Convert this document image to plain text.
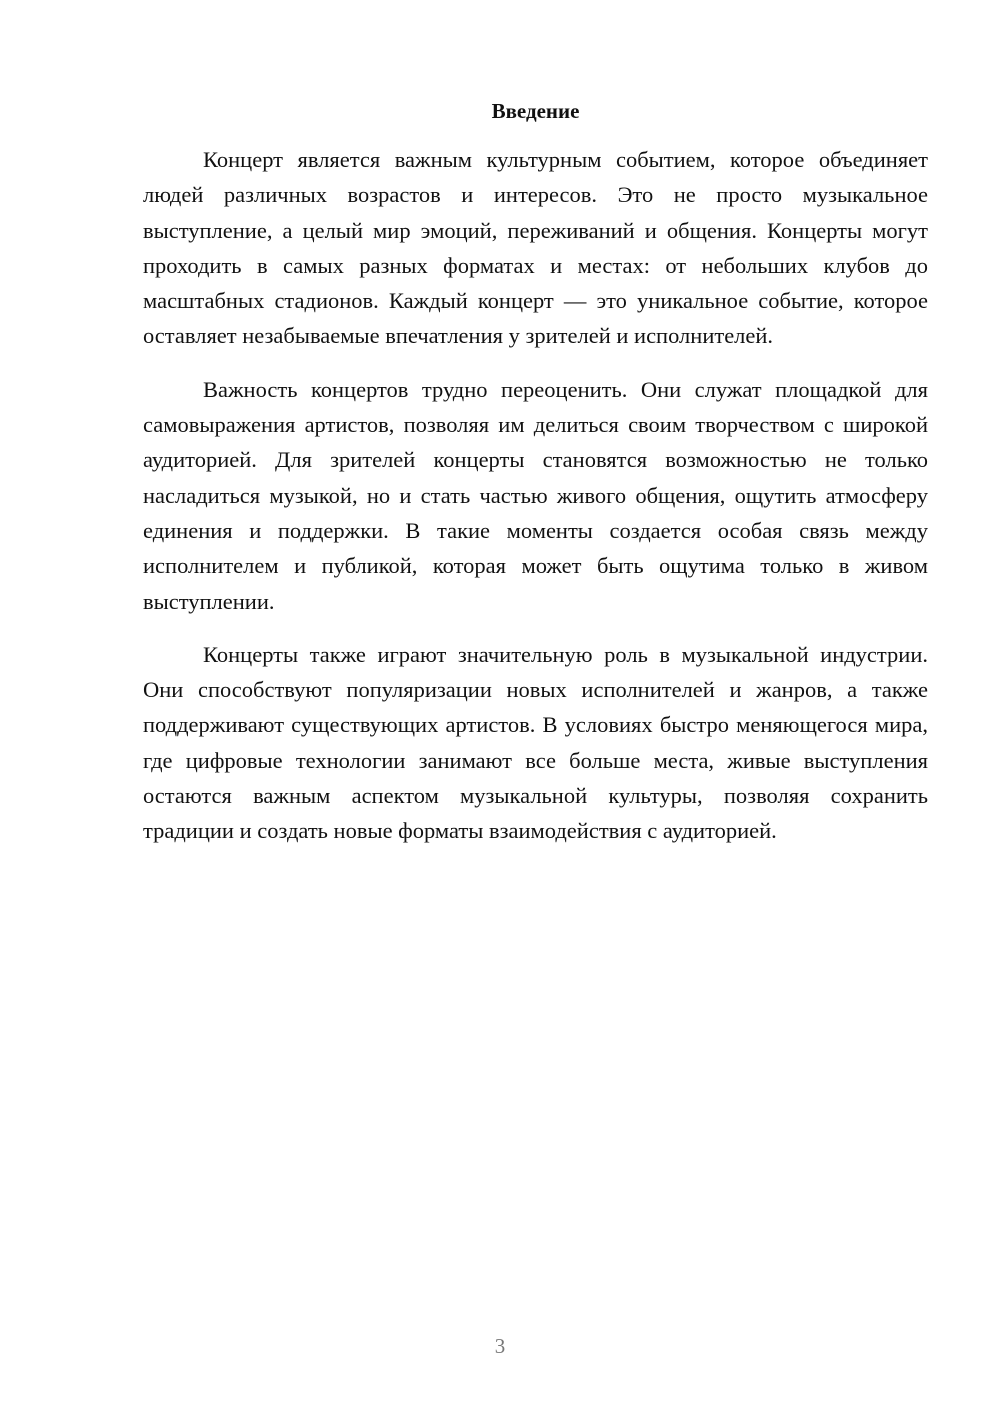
Введение

Концерт является важным культурным событием, которое объединяет людей различных возрастов и интересов. Это не просто музыкальное выступление, а целый мир эмоций, переживаний и общения. Концерты могут проходить в самых разных форматах и местах: от небольших клубов до масштабных стадионов. Каждый концерт — это уникальное событие, которое оставляет незабываемые впечатления у зрителей и исполнителей.

Важность концертов трудно переоценить. Они служат площадкой для самовыражения артистов, позволяя им делиться своим творчеством с широкой аудиторией. Для зрителей концерты становятся возможностью не только насладиться музыкой, но и стать частью живого общения, ощутить атмосферу единения и поддержки. В такие моменты создается особая связь между исполнителем и публикой, которая может быть ощутима только в живом выступлении.

Концерты также играют значительную роль в музыкальной индустрии. Они способствуют популяризации новых исполнителей и жанров, а также поддерживают существующих артистов. В условиях быстро меняющегося мира, где цифровые технологии занимают все больше места, живые выступления остаются важным аспектом музыкальной культуры, позволяя сохранить традиции и создать новые форматы взаимодействия с аудиторией.

3
